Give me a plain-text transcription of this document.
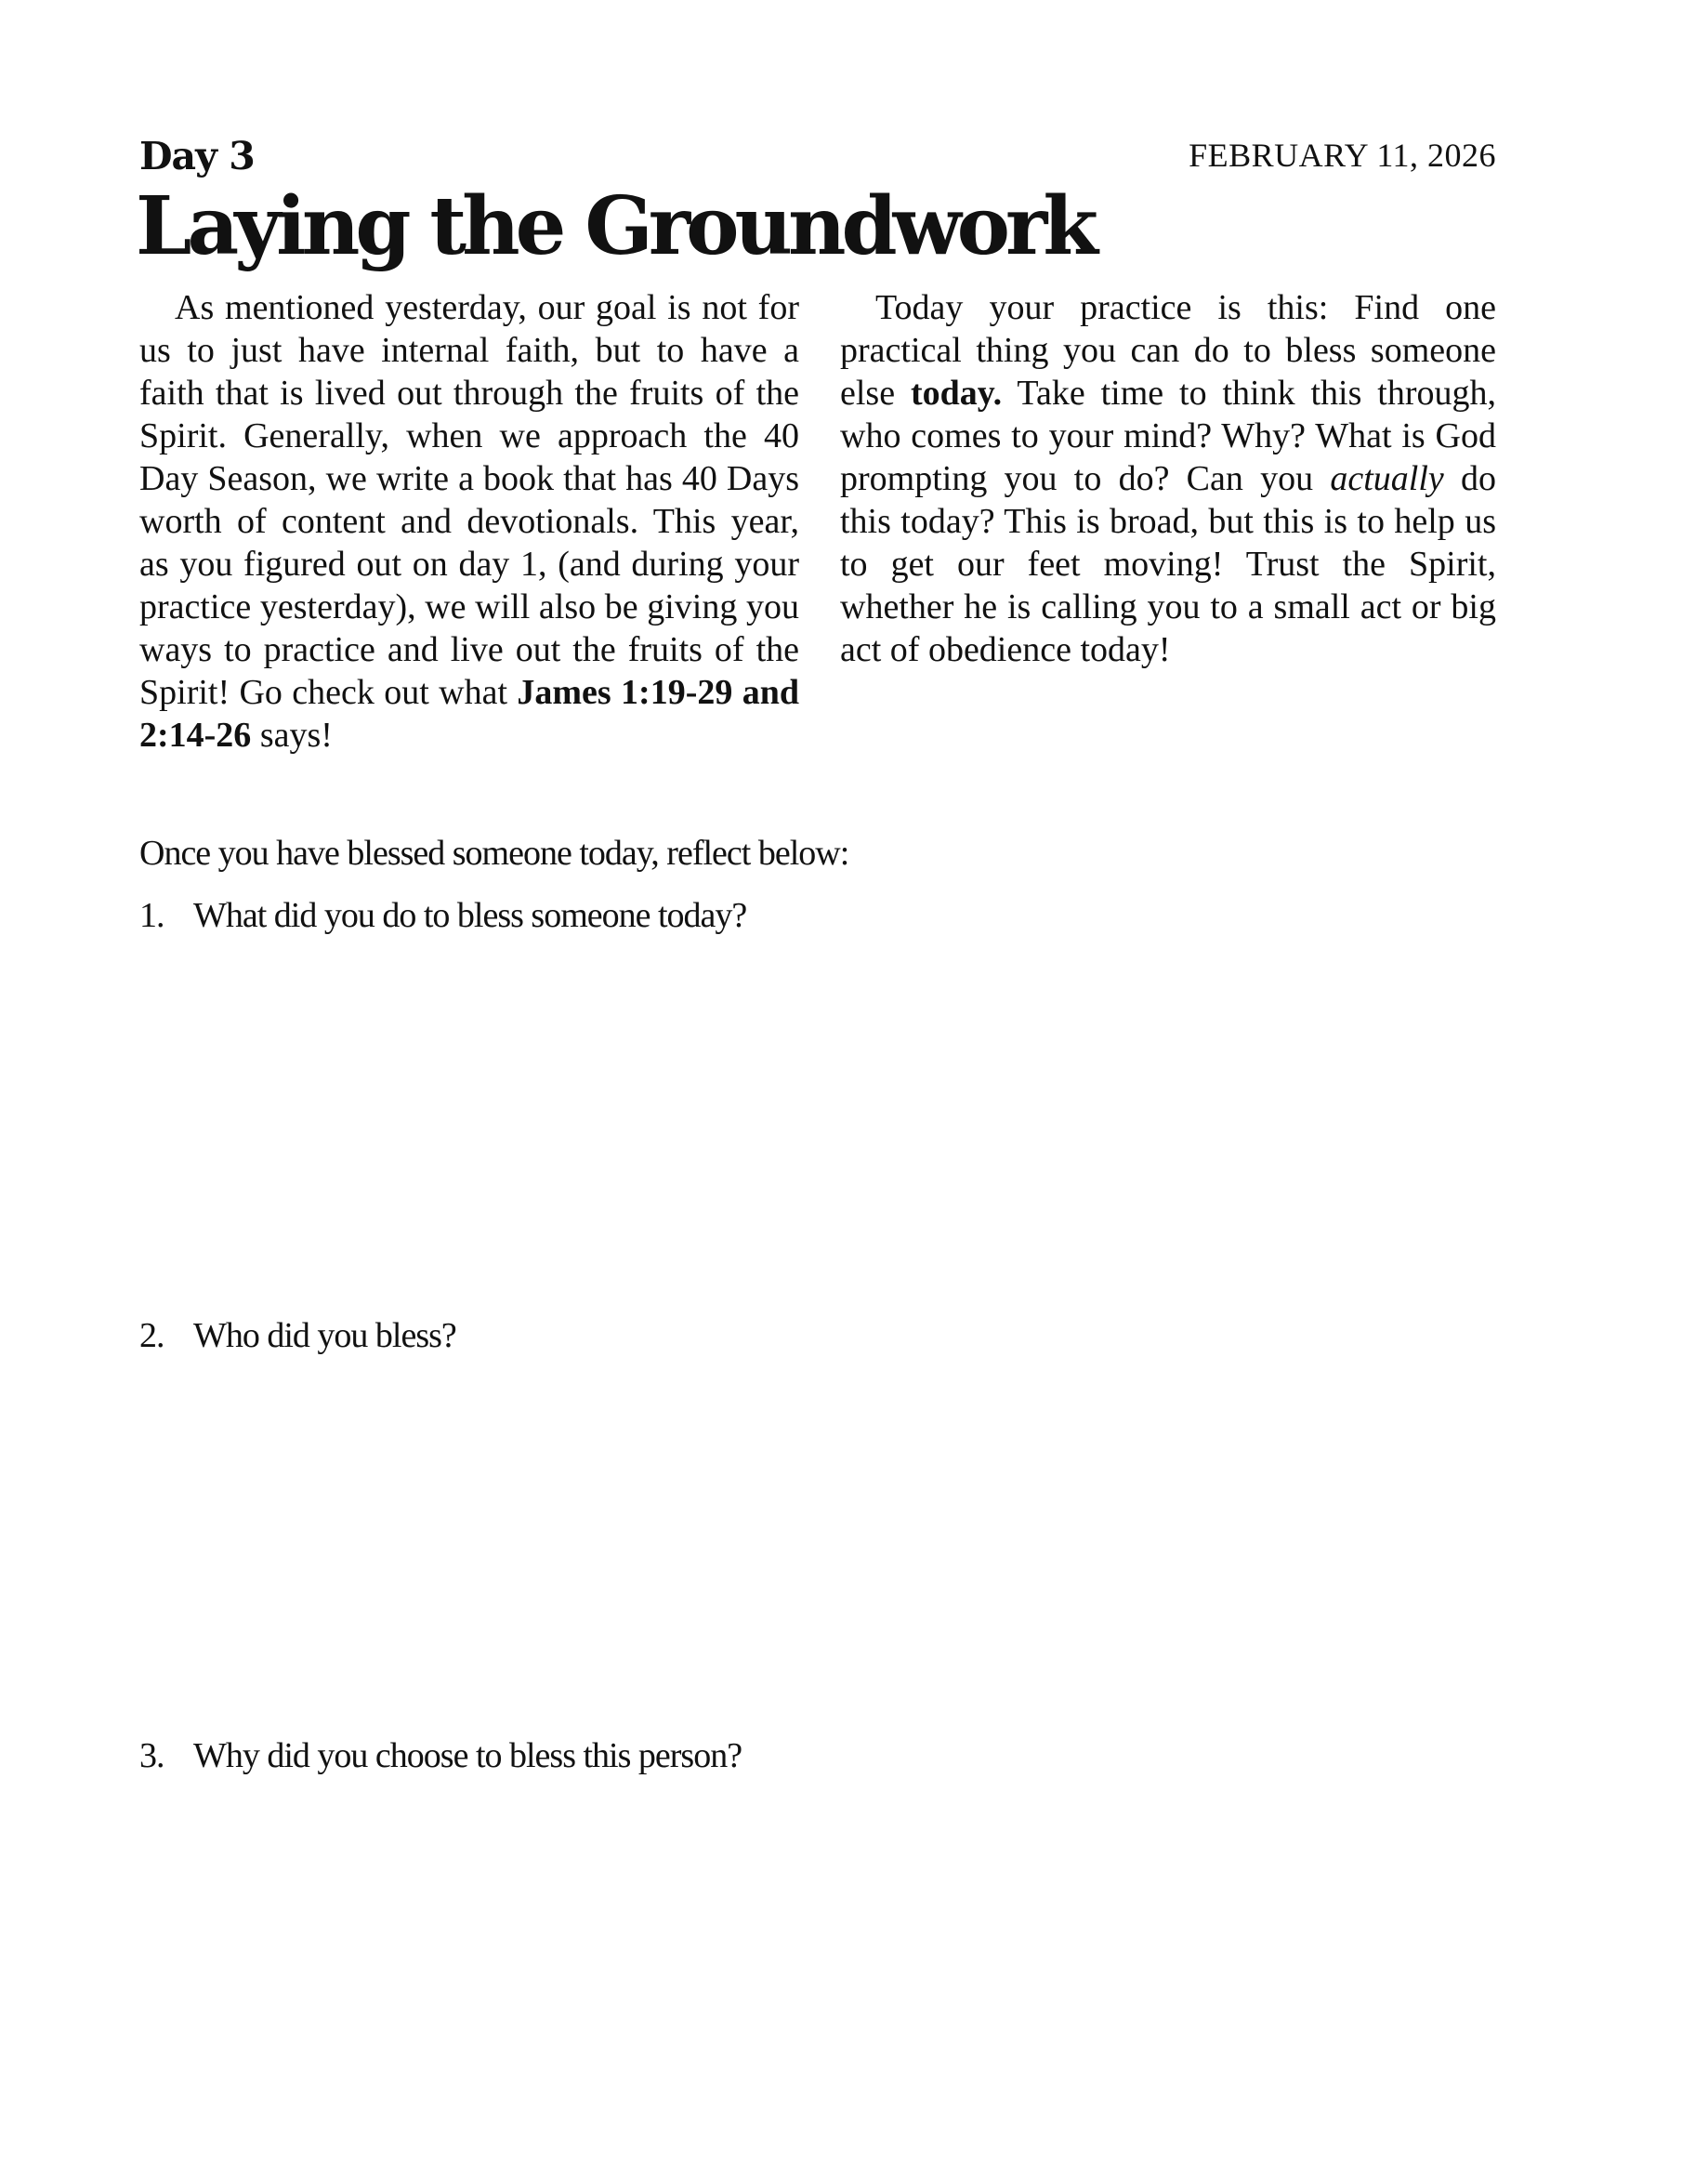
Day 3	FEBRUARY 11, 2026
Laying the Groundwork

As mentioned yesterday, our goal is not for us to just have internal faith, but to have a faith that is lived out through the fruits of the Spirit. Generally, when we approach the 40 Day Season, we write a book that has 40 Days worth of content and devotionals. This year, as you figured out on day 1, (and during your practice yesterday), we will also be giving you ways to practice and live out the fruits of the Spirit! Go check out what James 1:19-29 and 2:14-26 says!

Today your practice is this: Find one practical thing you can do to bless someone else today. Take time to think this through, who comes to your mind? Why? What is God prompting you to do? Can you actually do this today? This is broad, but this is to help us to get our feet moving! Trust the Spirit, whether he is calling you to a small act or big act of obedience today!

Once you have blessed someone today, reflect below:
1. What did you do to bless someone today?
2. Who did you bless?
3. Why did you choose to bless this person?
